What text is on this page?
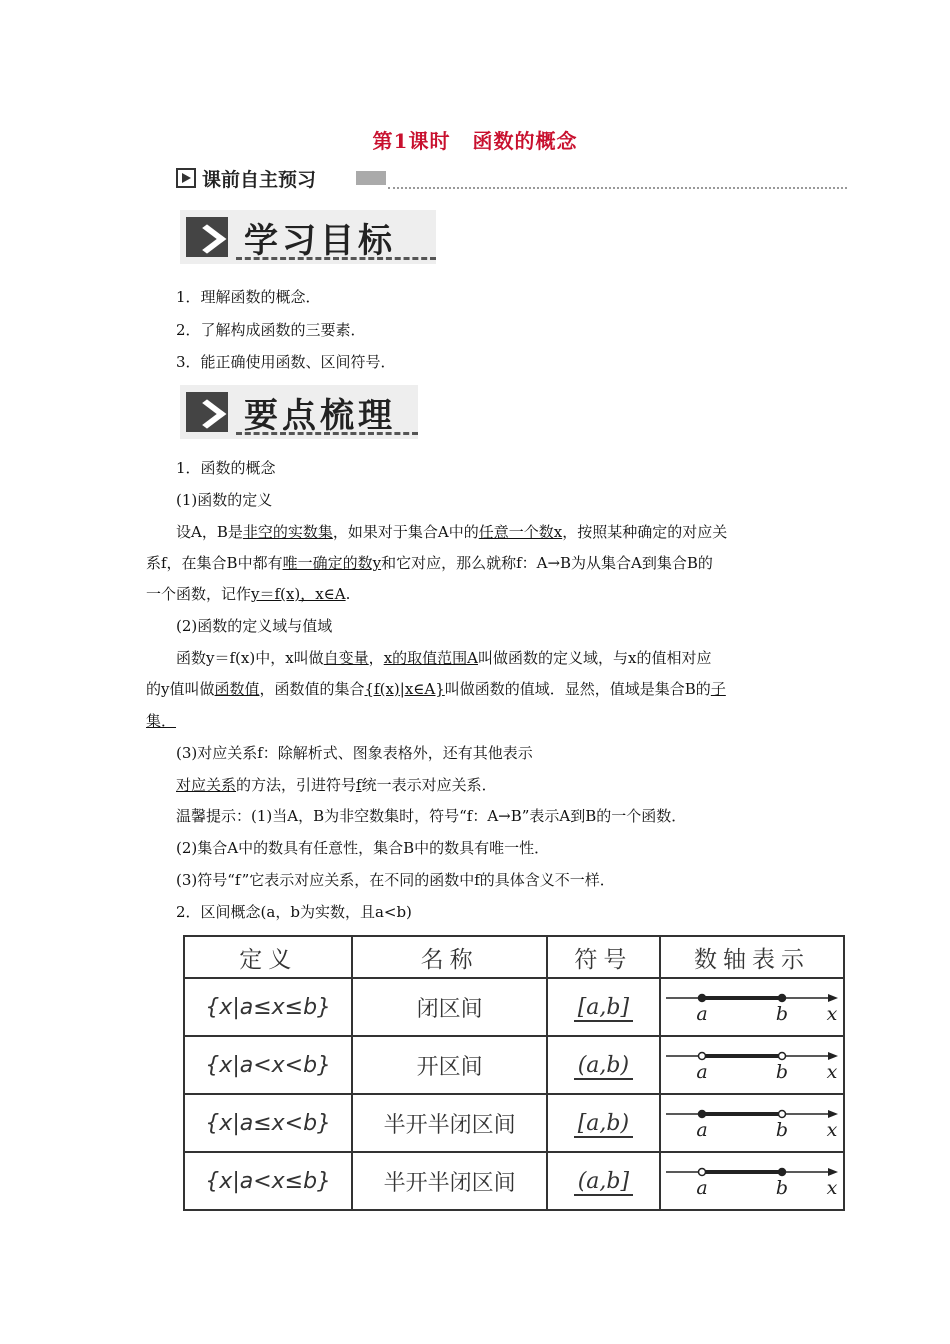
第1课时 函数的概念
课前自主预习
学习目标
1．理解函数的概念．
2．了解构成函数的三要素．
3．能正确使用函数、区间符号．
要点梳理
1．函数的概念
(1)函数的定义
设A，B是非空的实数集，如果对于集合A中的任意一个数x，按照某种确定的对应关
系f，在集合B中都有唯一确定的数y和它对应，那么就称f：A→B为从集合A到集合B的
一个函数，记作y＝f(x)，x∈A.
(2)函数的定义域与值域
函数y＝f(x)中，x叫做自变量，x的取值范围A叫做函数的定义域，与x的值相对应
的y值叫做函数值，函数值的集合{f(x)|x∈A}叫做函数的值域．显然，值域是集合B的子
集．
(3)对应关系f：除解析式、图象表格外，还有其他表示
对应关系的方法，引进符号f统一表示对应关系．
温馨提示：(1)当A，B为非空数集时，符号“f：A→B”表示A到B的一个函数．
(2)集合A中的数具有任意性，集合B中的数具有唯一性．
(3)符号“f”它表示对应关系，在不同的函数中f的具体含义不一样．
2．区间概念(a，b为实数，且a<b)
定义	名称	符号	数轴表示
{x|a≤x≤b}	闭区间	[a,b]	a b x

{x|a<x<b}	开区间	(a,b)	a b x

{x|a≤x<b}	半开半闭区间	[a,b)	a b x

{x|a<x≤b}	半开半闭区间	(a,b]	a b x
